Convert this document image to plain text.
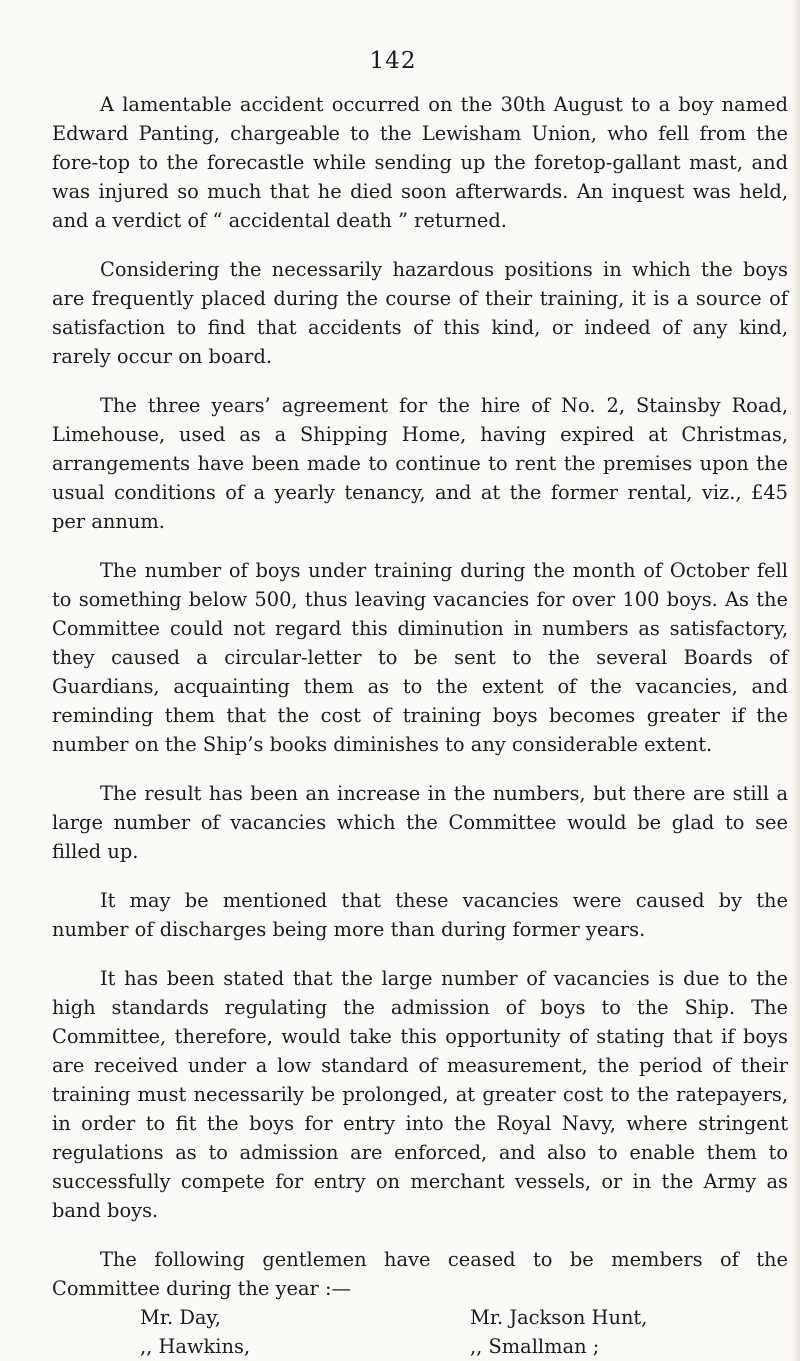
142

A lamentable accident occurred on the 30th August to a boy named Edward Panting, chargeable to the Lewisham Union, who fell from the fore-top to the forecastle while sending up the foretop-gallant mast, and was injured so much that he died soon afterwards. An inquest was held, and a verdict of “ accidental death ” returned.

Considering the necessarily hazardous positions in which the boys are frequently placed during the course of their training, it is a source of satisfaction to find that accidents of this kind, or indeed of any kind, rarely occur on board.

The three years’ agreement for the hire of No. 2, Stainsby Road, Limehouse, used as a Shipping Home, having expired at Christmas, arrangements have been made to continue to rent the premises upon the usual conditions of a yearly tenancy, and at the former rental, viz., £45 per annum.

The number of boys under training during the month of October fell to something below 500, thus leaving vacancies for over 100 boys. As the Committee could not regard this diminution in numbers as satisfactory, they caused a circular-letter to be sent to the several Boards of Guardians, acquainting them as to the extent of the vacancies, and reminding them that the cost of training boys becomes greater if the number on the Ship’s books diminishes to any considerable extent.

The result has been an increase in the numbers, but there are still a large number of vacancies which the Committee would be glad to see filled up.

It may be mentioned that these vacancies were caused by the number of discharges being more than during former years.

It has been stated that the large number of vacancies is due to the high standards regulating the admission of boys to the Ship. The Committee, therefore, would take this opportunity of stating that if boys are received under a low standard of measurement, the period of their training must necessarily be prolonged, at greater cost to the ratepayers, in order to fit the boys for entry into the Royal Navy, where stringent regulations as to admission are enforced, and also to enable them to successfully compete for entry on merchant vessels, or in the Army as band boys.

The following gentlemen have ceased to be members of the Committee during the year :—

Mr. Day,	Mr. Jackson Hunt,
,, Hawkins,	,, Smallman ;
